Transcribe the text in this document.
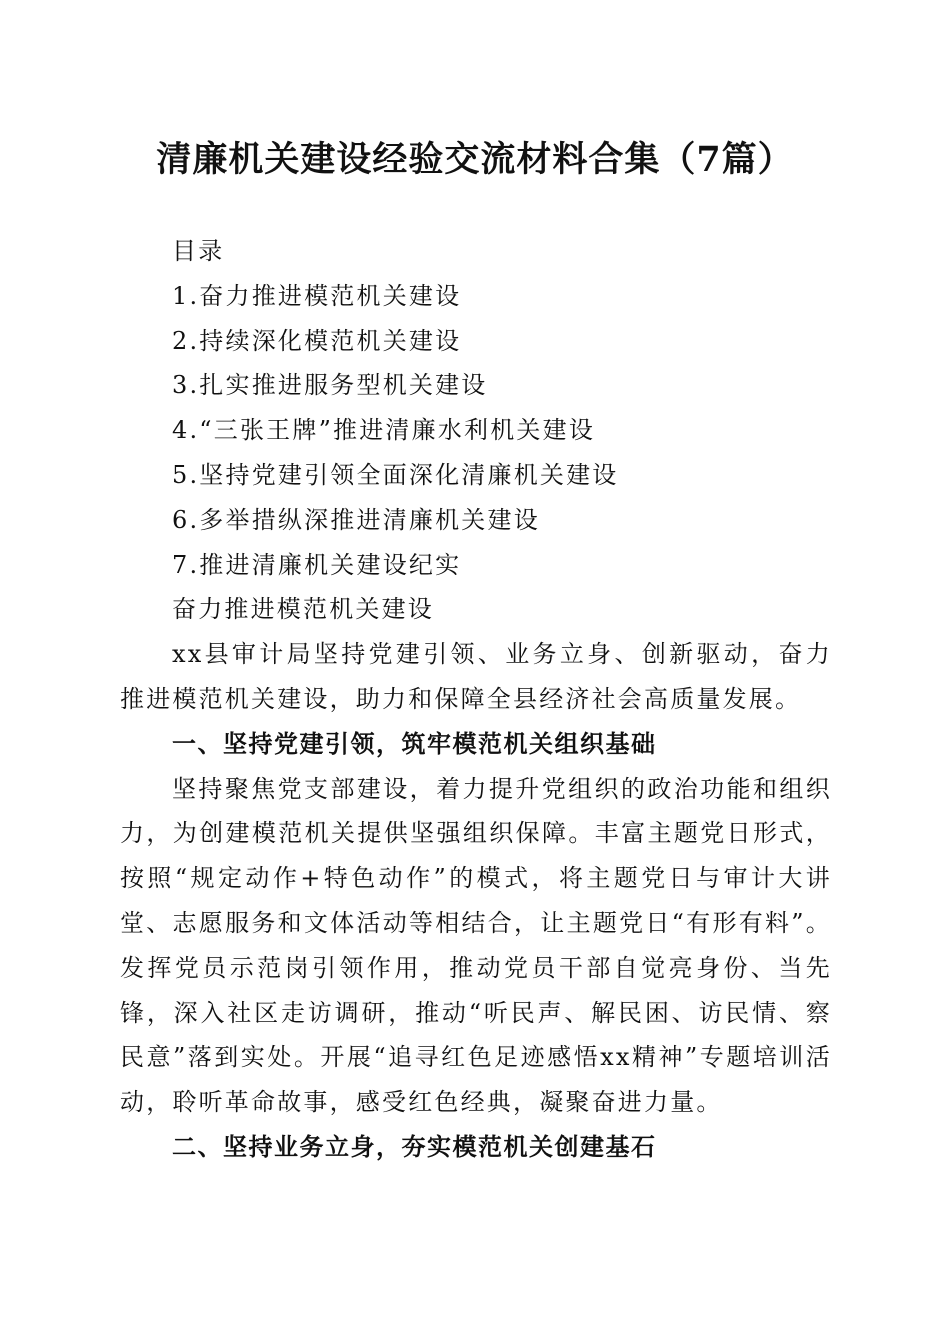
清廉机关建设经验交流材料合集（7篇）

目录

1.奋力推进模范机关建设

2.持续深化模范机关建设

3.扎实推进服务型机关建设

4.“三张王牌”推进清廉水利机关建设

5.坚持党建引领全面深化清廉机关建设

6.多举措纵深推进清廉机关建设

7.推进清廉机关建设纪实

奋力推进模范机关建设

xx县审计局坚持党建引领、业务立身、创新驱动，奋力推进模范机关建设，助力和保障全县经济社会高质量发展。

一、坚持党建引领，筑牢模范机关组织基础

坚持聚焦党支部建设，着力提升党组织的政治功能和组织力，为创建模范机关提供坚强组织保障。丰富主题党日形式，按照“规定动作+特色动作”的模式，将主题党日与审计大讲堂、志愿服务和文体活动等相结合，让主题党日“有形有料”。发挥党员示范岗引领作用，推动党员干部自觉亮身份、当先锋，深入社区走访调研，推动“听民声、解民困、访民情、察民意”落到实处。开展“追寻红色足迹感悟xx精神”专题培训活动，聆听革命故事，感受红色经典，凝聚奋进力量。

二、坚持业务立身，夯实模范机关创建基石
